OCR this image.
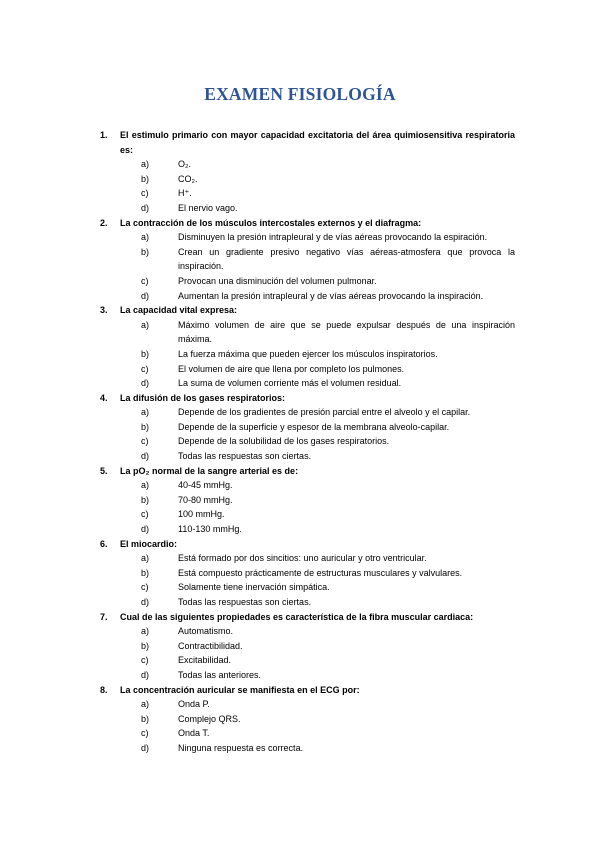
EXAMEN FISIOLOGÍA
1.	El estimulo primario con mayor capacidad excitatoria del área quimiosensitiva respiratoria es:
a)	O₂.
b)	CO₂.
c)	H⁺.
d)	El nervio vago.
2.	La contracción de los músculos intercostales externos y el diafragma:
a)	Disminuyen la presión intrapleural y de vías aéreas provocando la espiración.
b)	Crean un gradiente presivo negativo vías aéreas-atmosfera que provoca la inspiración.
c)	Provocan una disminución del volumen pulmonar.
d)	Aumentan la presión intrapleural y de vías aéreas provocando la inspiración.
3.	La capacidad vital expresa:
a)	Máximo volumen de aire que se puede expulsar después de una inspiración máxima.
b)	La fuerza máxima que pueden ejercer los músculos inspiratorios.
c)	El volumen de aire que llena por completo los pulmones.
d)	La suma de volumen corriente más el volumen residual.
4.	La difusión de los gases respiratorios:
a)	Depende de los gradientes de presión parcial entre el alveolo y el capilar.
b)	Depende de la superficie y espesor de la membrana alveolo-capilar.
c)	Depende de la solubilidad de los gases respiratorios.
d)	Todas las respuestas son ciertas.
5.	La pO₂ normal de la sangre arterial es de:
a)	40-45 mmHg.
b)	70-80 mmHg.
c)	100 mmHg.
d)	110-130 mmHg.
6.	El miocardio:
a)	Está formado por dos sincitios: uno auricular y otro ventricular.
b)	Está compuesto prácticamente de estructuras musculares y valvulares.
c)	Solamente tiene inervación simpática.
d)	Todas las respuestas son ciertas.
7.	Cual de las siguientes propiedades es característica de la fibra muscular cardiaca:
a)	Automatismo.
b)	Contractibilidad.
c)	Excitabilidad.
d)	Todas las anteriores.
8.	La concentración auricular se manifiesta en el ECG por:
a)	Onda P.
b)	Complejo QRS.
c)	Onda T.
d)	Ninguna respuesta es correcta.
